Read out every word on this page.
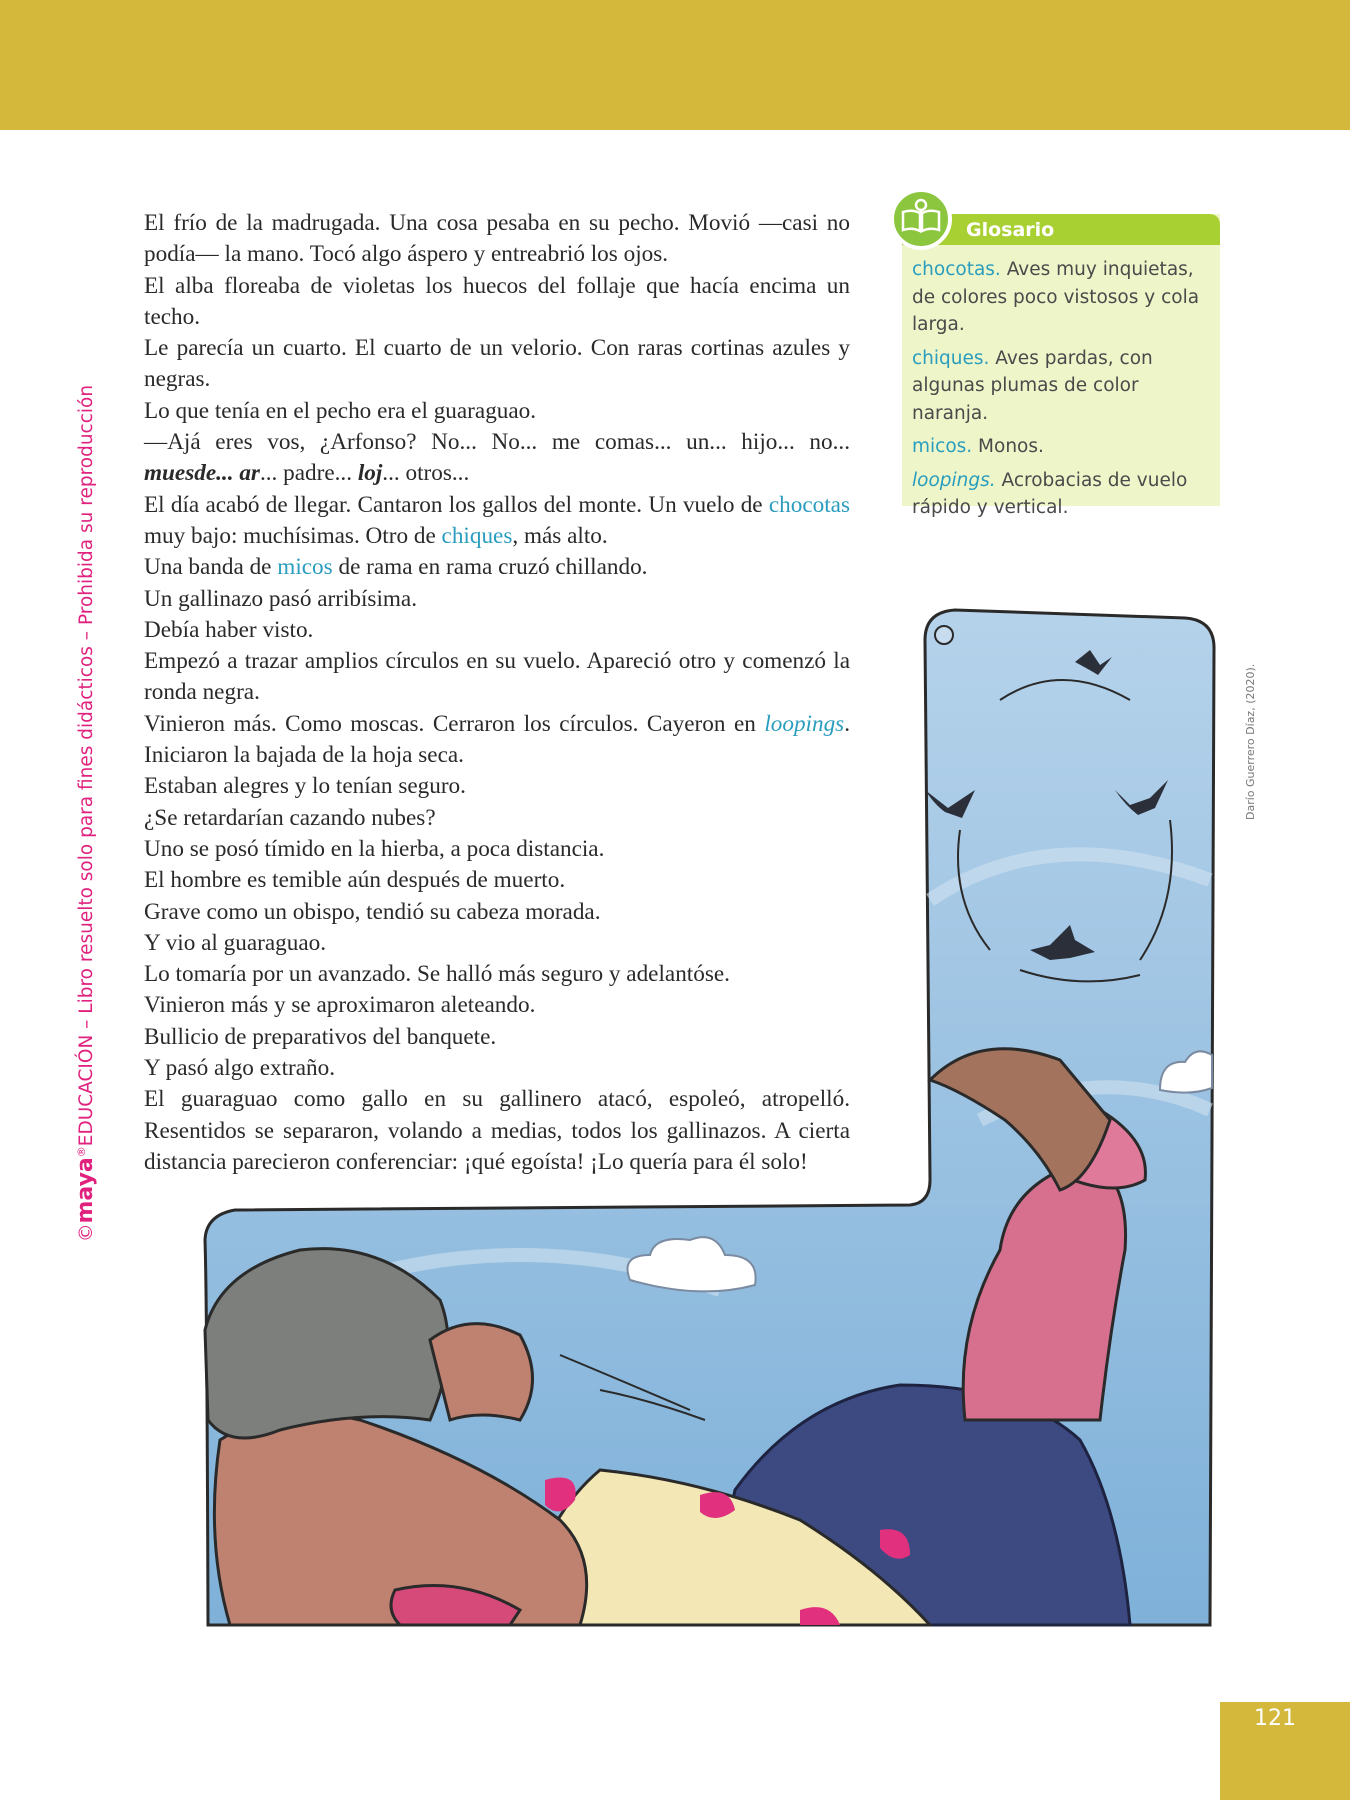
©maya®EDUCACIÓN – Libro resuelto solo para fines didácticos – Prohibida su reproducción

El frío de la madrugada. Una cosa pesaba en su pecho. Movió —casi no podía— la mano. Tocó algo áspero y entreabrió los ojos.

El alba floreaba de violetas los huecos del follaje que hacía encima un techo.

Le parecía un cuarto. El cuarto de un velorio. Con raras cortinas azules y negras.

Lo que tenía en el pecho era el guaraguao.

—Ajá eres vos, ¿Arfonso? No... No... me comas... un... hijo... no... muesde... ar... padre... loj... otros...

El día acabó de llegar. Cantaron los gallos del monte. Un vuelo de chocotas muy bajo: muchísimas. Otro de chiques, más alto.

Una banda de micos de rama en rama cruzó chillando.

Un gallinazo pasó arribísima.

Debía haber visto.

Empezó a trazar amplios círculos en su vuelo. Apareció otro y comenzó la ronda negra.

Vinieron más. Como moscas. Cerraron los círculos. Cayeron en loopings. Iniciaron la bajada de la hoja seca.

Estaban alegres y lo tenían seguro.

¿Se retardarían cazando nubes?

Uno se posó tímido en la hierba, a poca distancia.

El hombre es temible aún después de muerto.

Grave como un obispo, tendió su cabeza morada.

Y vio al guaraguao.

Lo tomaría por un avanzado. Se halló más seguro y adelantóse.

Vinieron más y se aproximaron aleteando.

Bullicio de preparativos del banquete.

Y pasó algo extraño.

El guaraguao como gallo en su gallinero atacó, espoleó, atropelló. Resentidos se separaron, volando a medias, todos los gallinazos. A cierta distancia parecieron conferenciar: ¡qué egoísta! ¡Lo quería para él solo!

Glosario

chocotas. Aves muy inquietas, de colores poco vistosos y cola larga.

chiques. Aves pardas, con algunas plumas de color naranja.

micos. Monos.

loopings. Acrobacias de vuelo rápido y vertical.

Darío Guerrero Díaz, (2020).
121
